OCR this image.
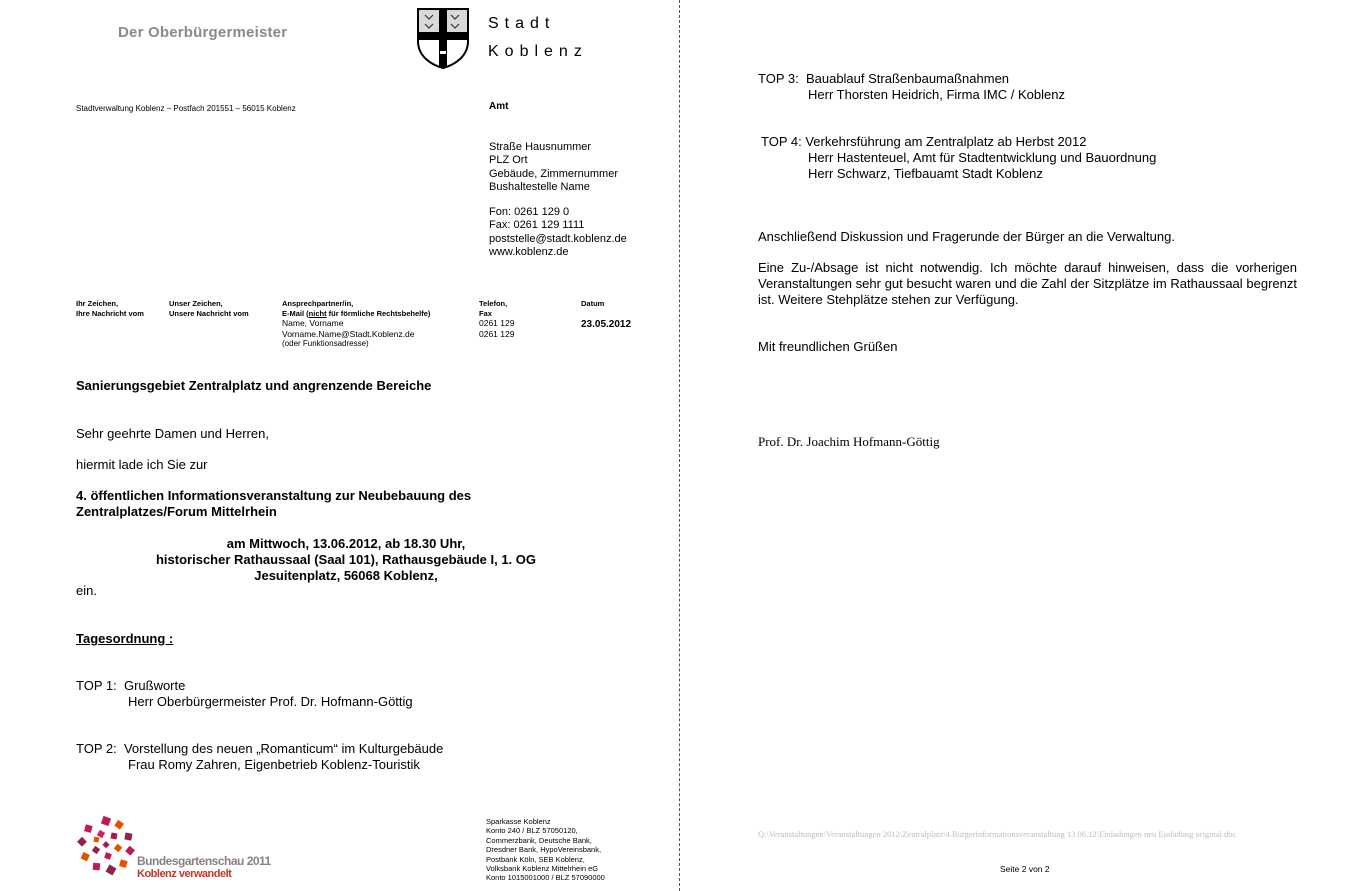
Der Oberbürgermeister
Stadt
Koblenz
Stadtverwaltung Koblenz – Postfach 201551 – 56015 Koblenz	Amt
Straße Hausnummer
PLZ Ort
Gebäude, Zimmernummer
Bushaltestelle Name
Fon: 0261 129 0
Fax: 0261 129 1111
poststelle@stadt.koblenz.de
www.koblenz.de
Ihr Zeichen,
Ihre Nachricht vom
Unser Zeichen,
Unsere Nachricht vom
Ansprechpartner/in,
E-Mail (nicht für förmliche Rechtsbehelfe)
Name, Vorname
Vorname.Name@Stadt.Koblenz.de
(oder Funktionsadresse)
Telefon,
Fax
0261 129
0261 129
Datum
23.05.2012
Sanierungsgebiet Zentralplatz und angrenzende Bereiche
Sehr geehrte Damen und Herren,
hiermit lade ich Sie zur
4. öffentlichen Informationsveranstaltung zur Neubebauung des
Zentralplatzes/Forum Mittelrhein
am Mittwoch, 13.06.2012, ab 18.30 Uhr,
historischer Rathaussaal (Saal 101), Rathausgebäude I, 1. OG
Jesuitenplatz, 56068 Koblenz,
ein.
Tagesordnung :
TOP 1: Grußworte
Herr Oberbürgermeister Prof. Dr. Hofmann-Göttig
TOP 2: Vorstellung des neuen „Romanticum“ im Kulturgebäude
Frau Romy Zahren, Eigenbetrieb Koblenz-Touristik
Bundesgartenschau 2011
Koblenz verwandelt
Sparkasse Koblenz
Konto 240 / BLZ 57050120,
Commerzbank, Deutsche Bank,
Dresdner Bank, HypoVereinsbank,
Postbank Köln, SEB Koblenz,
Volksbank Koblenz Mittelrhein eG
Konto 1015001000 / BLZ 57090000
TOP 3: Bauablauf Straßenbaumaßnahmen
Herr Thorsten Heidrich, Firma IMC / Koblenz
TOP 4: Verkehrsführung am Zentralplatz ab Herbst 2012
Herr Hastenteuel, Amt für Stadtentwicklung und Bauordnung
Herr Schwarz, Tiefbauamt Stadt Koblenz
Anschließend Diskussion und Fragerunde der Bürger an die Verwaltung.
Eine Zu-/Absage ist nicht notwendig. Ich möchte darauf hinweisen, dass die vorherigen Veranstaltungen sehr gut besucht waren und die Zahl der Sitzplätze im Rathaussaal begrenzt ist. Weitere Stehplätze stehen zur Verfügung.
Mit freundlichen Grüßen
Prof. Dr. Joachim Hofmann-Göttig
Q:\Veranstaltungen\Veranstaltungen 2012\Zentralplatz\4.Bürgerinformationsveranstaltung 13.06.12\Einladungen neu Einladung original.doc
Seite 2 von 2
